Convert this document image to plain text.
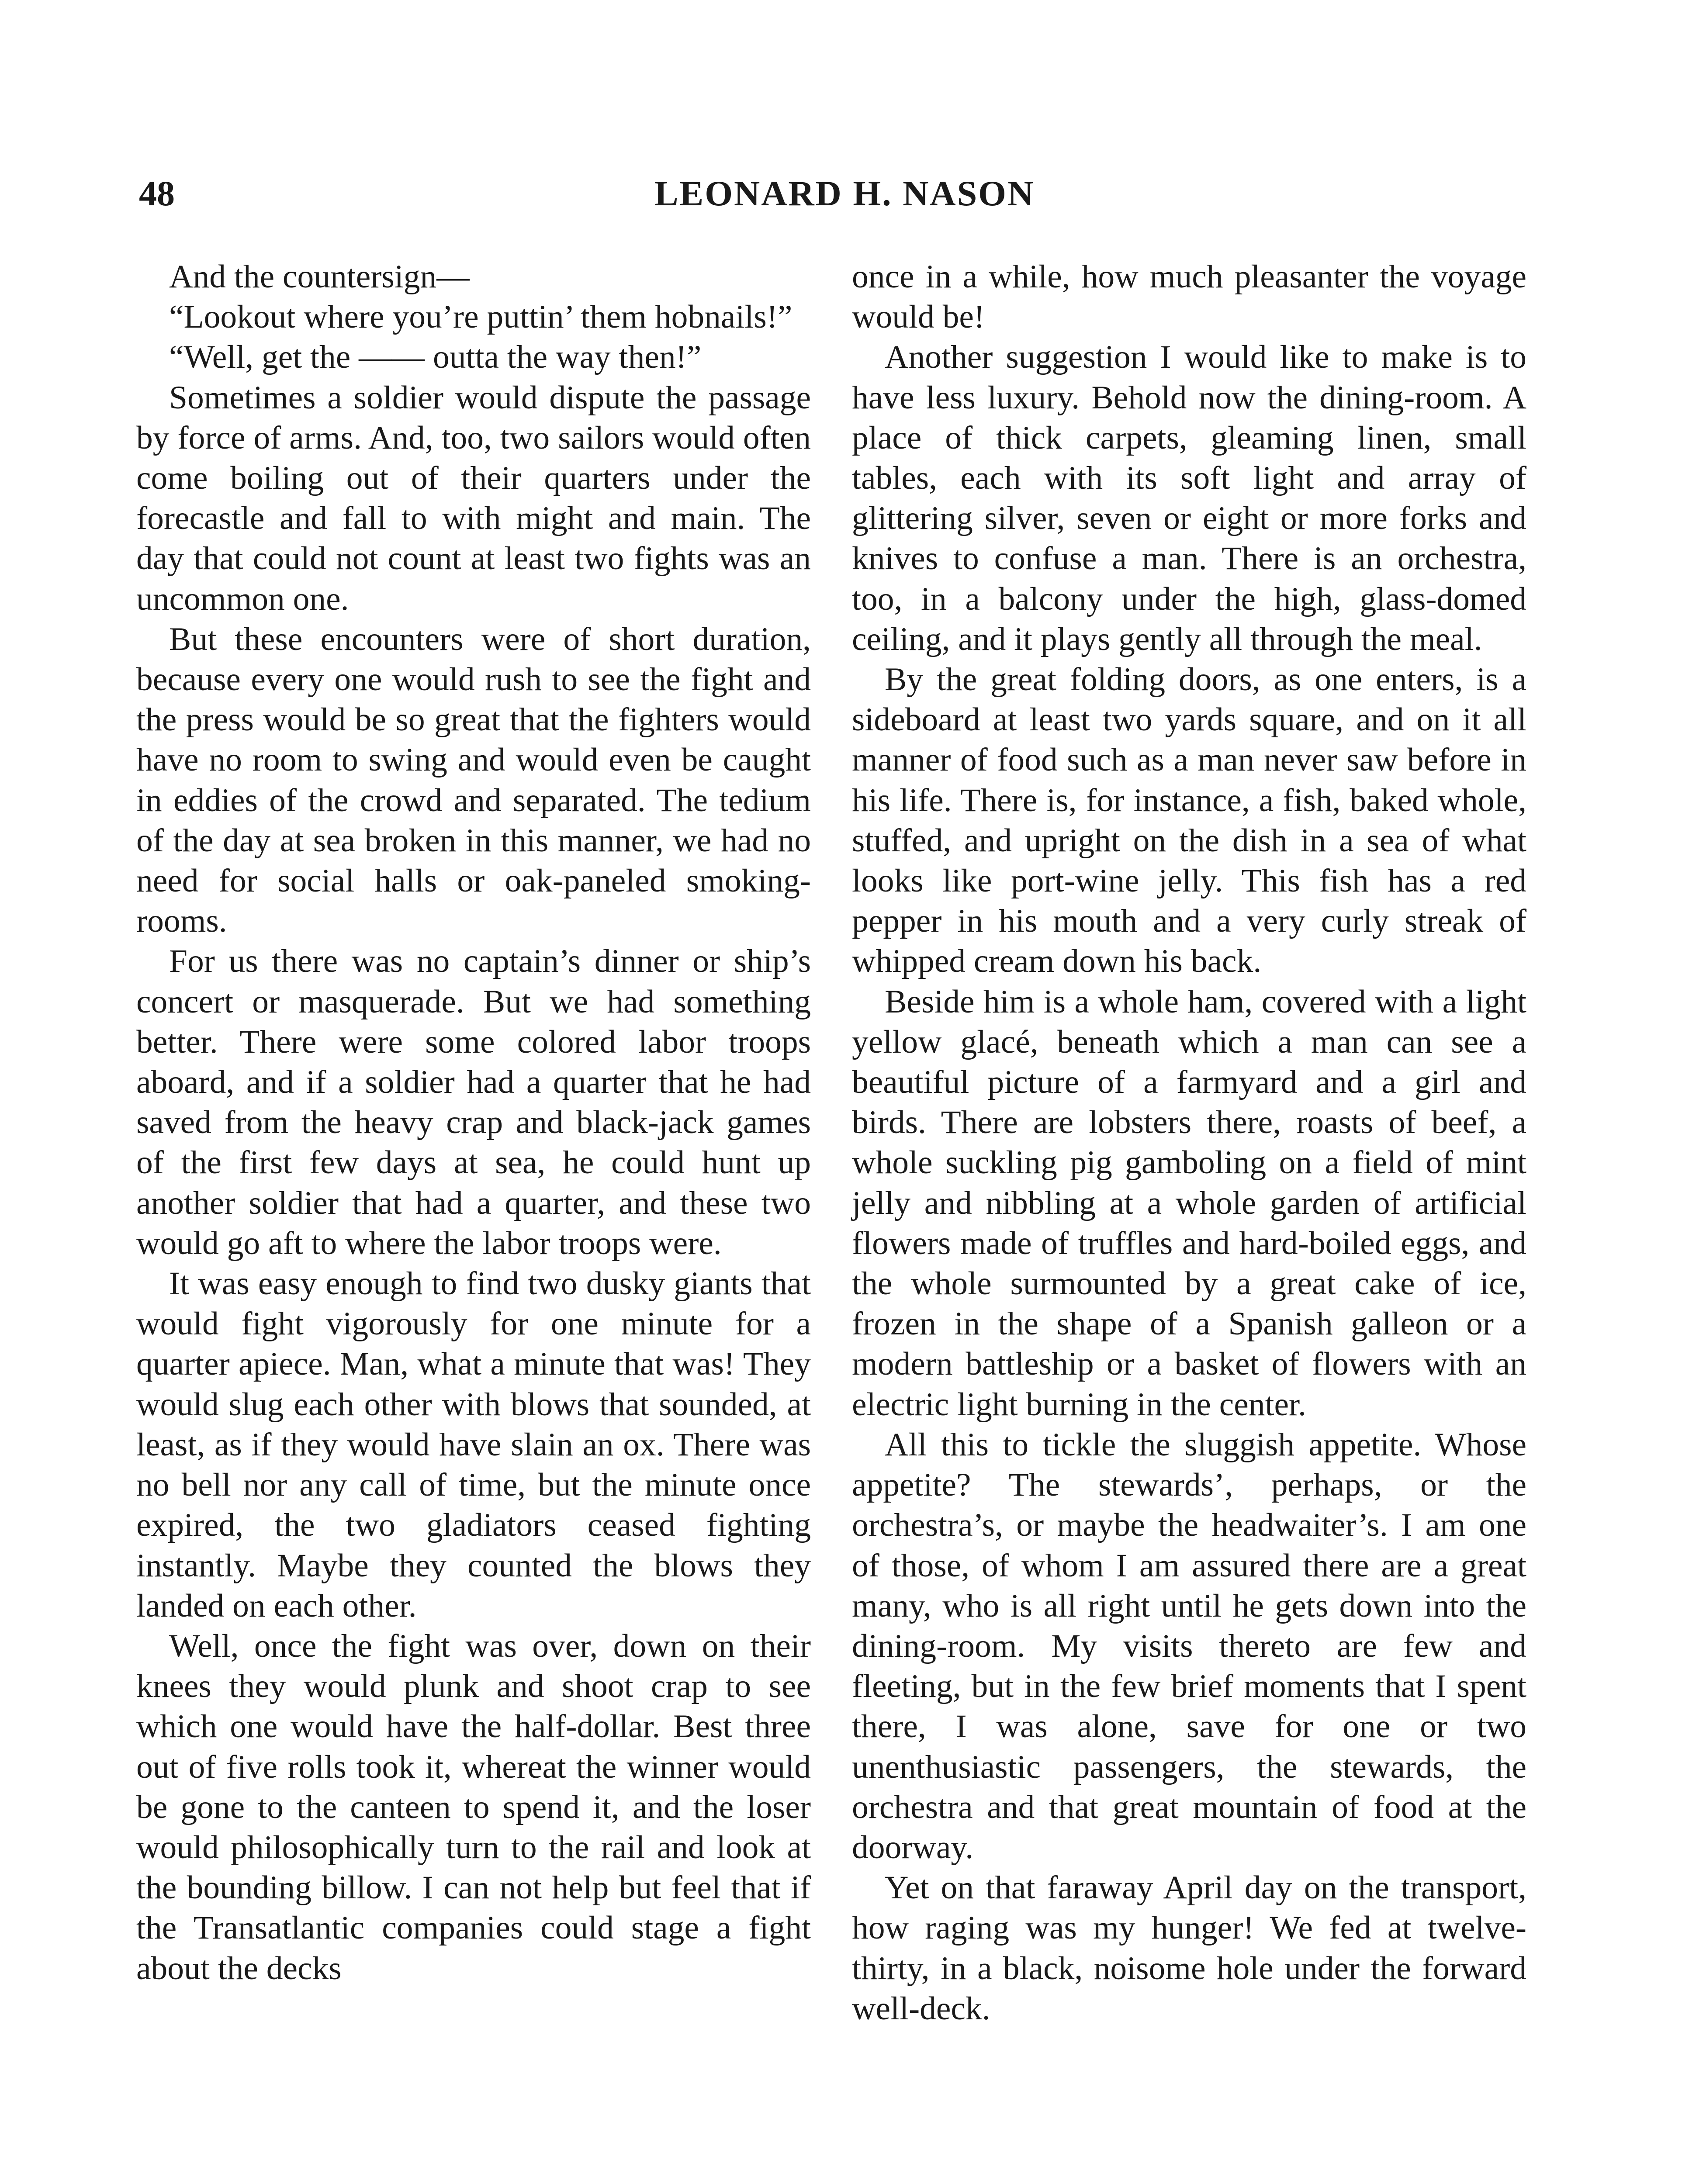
48	LEONARD H. NASON

And the countersign—

“Lookout where you’re puttin’ them hobnails!”

“Well, get the —— outta the way then!”

Sometimes a soldier would dispute the passage by force of arms. And, too, two sailors would often come boiling out of their quarters under the forecastle and fall to with might and main. The day that could not count at least two fights was an uncommon one.

But these encounters were of short duration, because every one would rush to see the fight and the press would be so great that the fighters would have no room to swing and would even be caught in eddies of the crowd and separated. The tedium of the day at sea broken in this manner, we had no need for social halls or oak-paneled smoking-rooms.

For us there was no captain’s dinner or ship’s concert or masquerade. But we had something better. There were some colored labor troops aboard, and if a soldier had a quarter that he had saved from the heavy crap and black-jack games of the first few days at sea, he could hunt up another soldier that had a quarter, and these two would go aft to where the labor troops were.

It was easy enough to find two dusky giants that would fight vigorously for one minute for a quarter apiece. Man, what a minute that was! They would slug each other with blows that sounded, at least, as if they would have slain an ox. There was no bell nor any call of time, but the minute once expired, the two gladiators ceased fighting instantly. Maybe they counted the blows they landed on each other.

Well, once the fight was over, down on their knees they would plunk and shoot crap to see which one would have the half-dollar. Best three out of five rolls took it, whereat the winner would be gone to the canteen to spend it, and the loser would philosophically turn to the rail and look at the bounding billow. I can not help but feel that if the Transatlantic companies could stage a fight about the decks

once in a while, how much pleasanter the voyage would be!

Another suggestion I would like to make is to have less luxury. Behold now the dining-room. A place of thick carpets, gleaming linen, small tables, each with its soft light and array of glittering silver, seven or eight or more forks and knives to confuse a man. There is an orchestra, too, in a balcony under the high, glass-domed ceiling, and it plays gently all through the meal.

By the great folding doors, as one enters, is a sideboard at least two yards square, and on it all manner of food such as a man never saw before in his life. There is, for instance, a fish, baked whole, stuffed, and upright on the dish in a sea of what looks like port-wine jelly. This fish has a red pepper in his mouth and a very curly streak of whipped cream down his back.

Beside him is a whole ham, covered with a light yellow glacé, beneath which a man can see a beautiful picture of a farmyard and a girl and birds. There are lobsters there, roasts of beef, a whole suckling pig gamboling on a field of mint jelly and nibbling at a whole garden of artificial flowers made of truffles and hard-boiled eggs, and the whole surmounted by a great cake of ice, frozen in the shape of a Spanish galleon or a modern battleship or a basket of flowers with an electric light burning in the center.

All this to tickle the sluggish appetite. Whose appetite? The stewards’, perhaps, or the orchestra’s, or maybe the headwaiter’s. I am one of those, of whom I am assured there are a great many, who is all right until he gets down into the dining-room. My visits thereto are few and fleeting, but in the few brief moments that I spent there, I was alone, save for one or two unenthusiastic passengers, the stewards, the orchestra and that great mountain of food at the doorway.

Yet on that faraway April day on the transport, how raging was my hunger! We fed at twelve-thirty, in a black, noisome hole under the forward well-deck.
